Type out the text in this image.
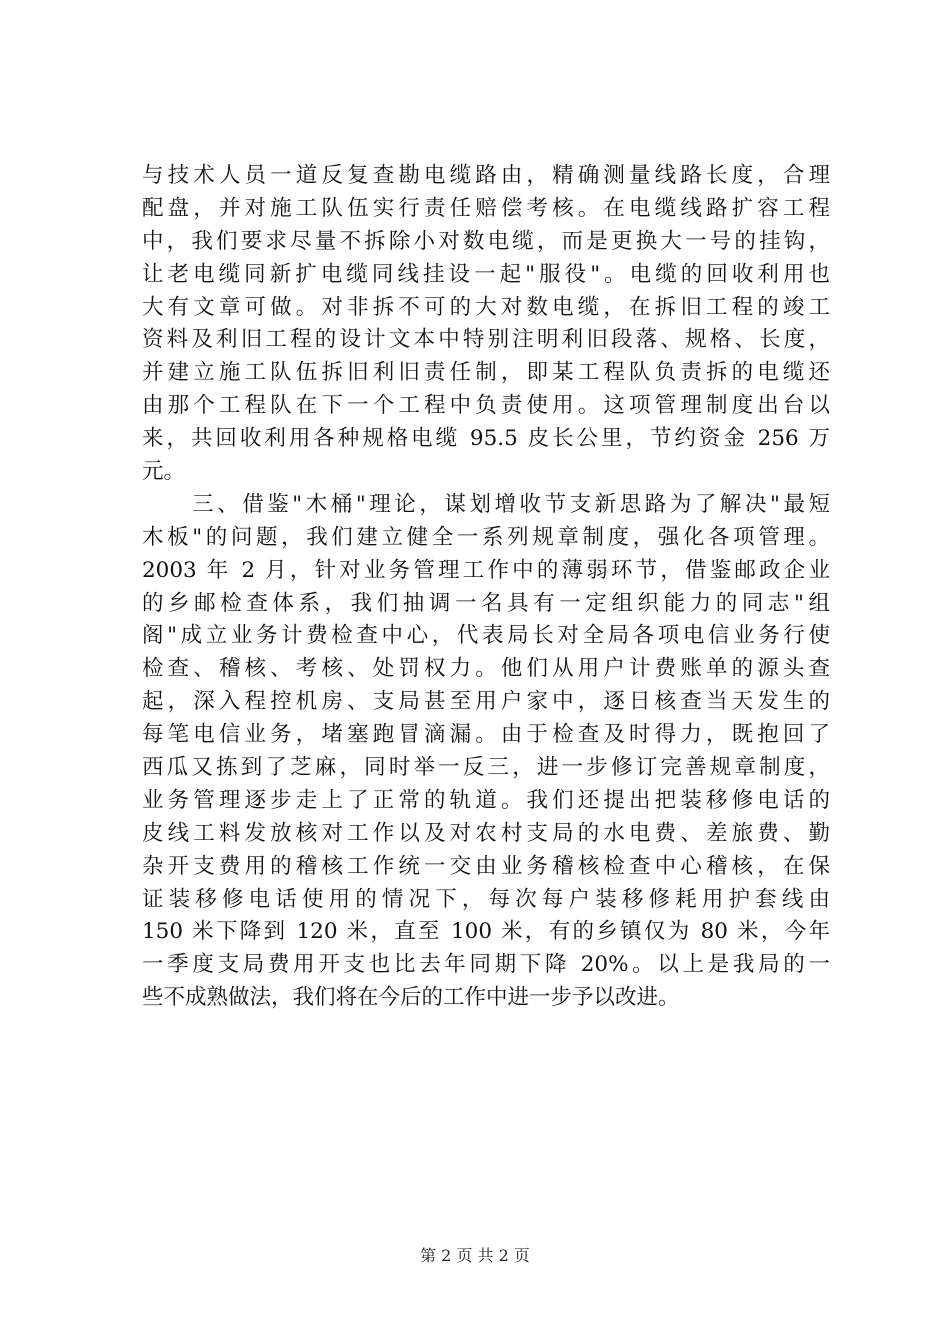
与技术人员一道反复查勘电缆路由，精确测量线路长度，合理
配盘，并对施工队伍实行责任赔偿考核。在电缆线路扩容工程
中，我们要求尽量不拆除小对数电缆，而是更换大一号的挂钩，
让老电缆同新扩电缆同线挂设一起"服役"。电缆的回收利用也
大有文章可做。对非拆不可的大对数电缆，在拆旧工程的竣工
资料及利旧工程的设计文本中特别注明利旧段落、规格、长度，
并建立施工队伍拆旧利旧责任制，即某工程队负责拆的电缆还
由那个工程队在下一个工程中负责使用。这项管理制度出台以
来，共回收利用各种规格电缆 95.5 皮长公里，节约资金 256 万
元。
　　三、借鉴"木桶"理论，谋划增收节支新思路为了解决"最短
木板"的问题，我们建立健全一系列规章制度，强化各项管理。
2003 年 2 月，针对业务管理工作中的薄弱环节，借鉴邮政企业
的乡邮检查体系，我们抽调一名具有一定组织能力的同志"组
阁"成立业务计费检查中心，代表局长对全局各项电信业务行使
检查、稽核、考核、处罚权力。他们从用户计费账单的源头查
起，深入程控机房、支局甚至用户家中，逐日核查当天发生的
每笔电信业务，堵塞跑冒滴漏。由于检查及时得力，既抱回了
西瓜又拣到了芝麻，同时举一反三，进一步修订完善规章制度，
业务管理逐步走上了正常的轨道。我们还提出把装移修电话的
皮线工料发放核对工作以及对农村支局的水电费、差旅费、勤
杂开支费用的稽核工作统一交由业务稽核检查中心稽核，在保
证装移修电话使用的情况下，每次每户装移修耗用护套线由
150 米下降到 120 米，直至 100 米，有的乡镇仅为 80 米，今年
一季度支局费用开支也比去年同期下降 20%。以上是我局的一
些不成熟做法，我们将在今后的工作中进一步予以改进。
第 2 页 共 2 页
